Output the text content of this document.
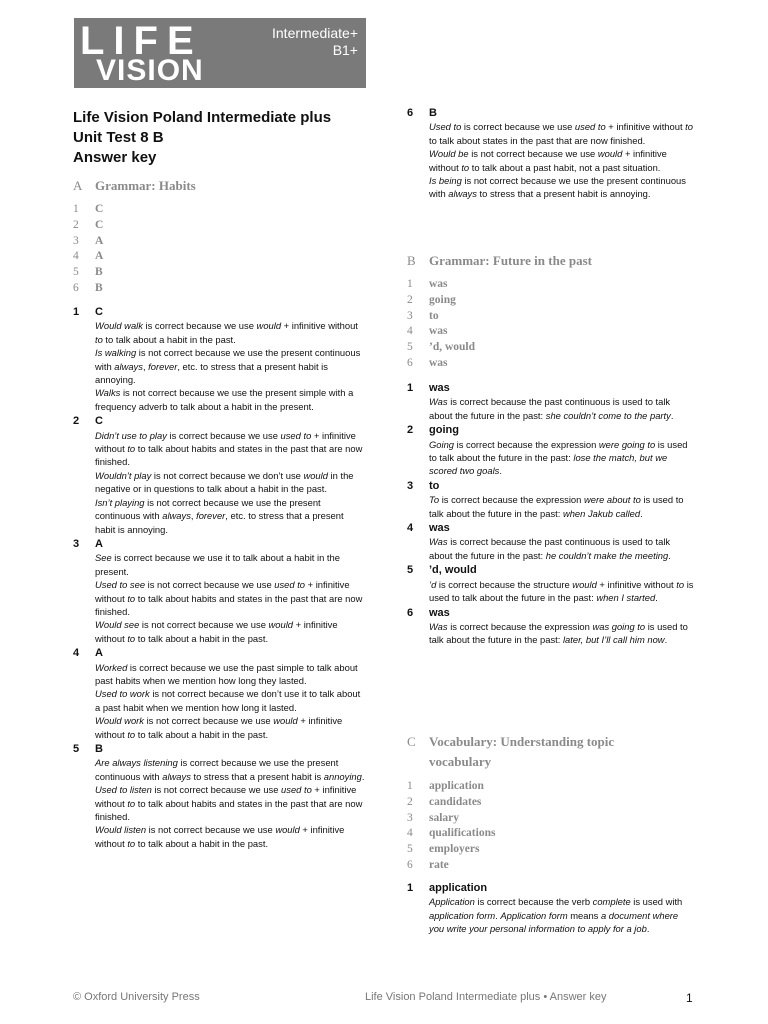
LIFE
VISION
Intermediate+
B1+
Life Vision Poland Intermediate plus
Unit Test 8 B
Answer key
A Grammar: Habits
1	C
2	C
3	A
4	A
5	B
6	B
1	C
Would walk is correct because we use would + infinitive without to to talk about a habit in the past.
Is walking is not correct because we use the present continuous with always, forever, etc. to stress that a present habit is annoying.
Walks is not correct because we use the present simple with a frequency adverb to talk about a habit in the present.
2	C
Didn’t use to play is correct because we use used to + infinitive without to to talk about habits and states in the past that are now finished.
Wouldn’t play is not correct because we don’t use would in the negative or in questions to talk about a habit in the past.
Isn’t playing is not correct because we use the present continuous with always, forever, etc. to stress that a present habit is annoying.
3	A
See is correct because we use it to talk about a habit in the present.
Used to see is not correct because we use used to + infinitive without to to talk about habits and states in the past that are now finished.
Would see is not correct because we use would + infinitive without to to talk about a habit in the past.
4	A
Worked is correct because we use the past simple to talk about past habits when we mention how long they lasted.
Used to work is not correct because we don’t use it to talk about a past habit when we mention how long it lasted.
Would work is not correct because we use would + infinitive without to to talk about a habit in the past.
5	B
Are always listening is correct because we use the present continuous with always to stress that a present habit is annoying.
Used to listen is not correct because we use used to + infinitive without to to talk about habits and states in the past that are now finished.
Would listen is not correct because we use would + infinitive without to to talk about a habit in the past.
6	B
Used to is correct because we use used to + infinitive without to to talk about states in the past that are now finished.
Would be is not correct because we use would + infinitive without to to talk about a past habit, not a past situation.
Is being is not correct because we use the present continuous with always to stress that a present habit is annoying.
B Grammar: Future in the past
1	was
2	going
3	to
4	was
5	’d, would
6	was
1	was
Was is correct because the past continuous is used to talk about the future in the past: she couldn’t come to the party.
2	going
Going is correct because the expression were going to is used to talk about the future in the past: lose the match, but we scored two goals.
3	to
To is correct because the expression were about to is used to talk about the future in the past: when Jakub called.
4	was
Was is correct because the past continuous is used to talk about the future in the past: he couldn’t make the meeting.
5	’d, would
’d is correct because the structure would + infinitive without to is used to talk about the future in the past: when I started.
6	was
Was is correct because the expression was going to is used to talk about the future in the past: later, but I’ll call him now.
C Vocabulary: Understanding topic
vocabulary
1	application
2	candidates
3	salary
4	qualifications
5	employers
6	rate
1	application
Application is correct because the verb complete is used with application form. Application form means a document where you write your personal information to apply for a job.
© Oxford University Press	Life Vision Poland Intermediate plus • Answer key	1
